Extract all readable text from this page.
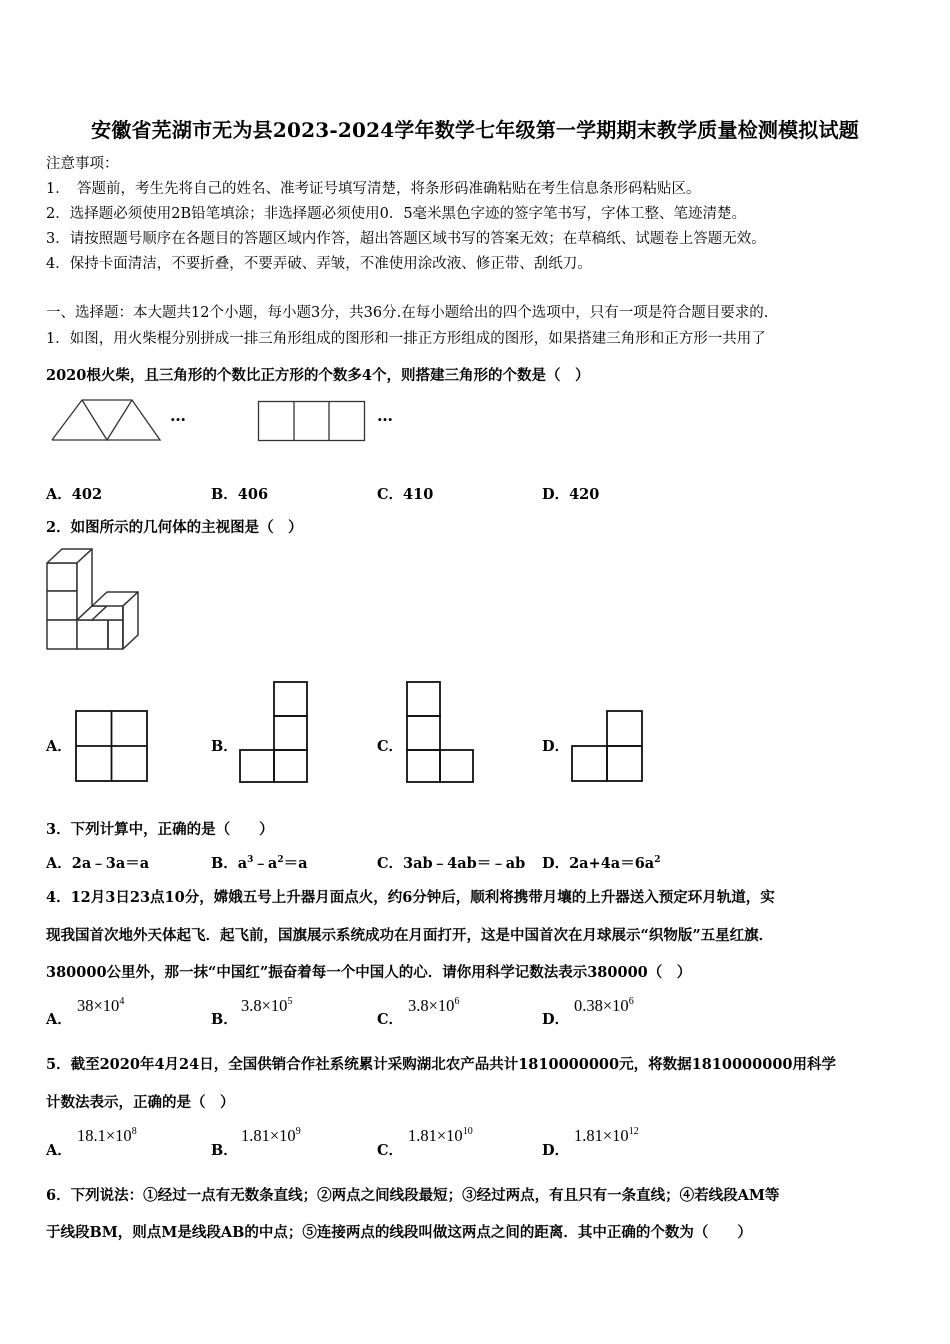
安徽省芜湖市无为县2023-2024学年数学七年级第一学期期末教学质量检测模拟试题
注意事项：
1．　答题前，考生先将自己的姓名、准考证号填写清楚，将条形码准确粘贴在考生信息条形码粘贴区。
2．选择题必须使用2B铅笔填涂；非选择题必须使用0．5毫米黑色字迹的签字笔书写，字体工整、笔迹清楚。
3．请按照题号顺序在各题目的答题区域内作答，超出答题区域书写的答案无效；在草稿纸、试题卷上答题无效。
4．保持卡面清洁，不要折叠，不要弄破、弄皱，不准使用涂改液、修正带、刮纸刀。
一、选择题：本大题共12个小题，每小题3分，共36分.在每小题给出的四个选项中，只有一项是符合题目要求的.
1．如图，用火柴棍分别拼成一排三角形组成的图形和一排正方形组成的图形，如果搭建三角形和正方形一共用了
2020根火柴，且三角形的个数比正方形的个数多4个，则搭建三角形的个数是（　）
…	…
A．402	B．406	C．410	D．420
2．如图所示的几何体的主视图是（　）
A．	B．	C．	D．
3．下列计算中，正确的是（　　）
A．2a﹣3a＝a	B．$a^3﹣a^2=a$	C．3ab﹣4ab＝﹣ab D．$2a+4a=6a^2$
4．12月3日23点10分，嫦娥五号上升器月面点火，约6分钟后，顺利将携带月壤的上升器送入预定环月轨道，实
现我国首次地外天体起飞．起飞前，国旗展示系统成功在月面打开，这是中国首次在月球展示“织物版”五星红旗．
380000公里外，那一抹“中国红”振奋着每一个中国人的心．请你用科学记数法表示380000（　）
A．
$38\times 10^4$
B．
$3.8\times 10^5$
C．
$3.8\times 10^6$
D．
$0.38\times 10^6$
5．截至2020年4月24日，全国供销合作社系统累计采购湖北农产品共计1810000000元，将数据1810000000用科学
计数法表示，正确的是（　）
A．
$18.1\times 10^8$
B．
$1.81\times 10^9$
C．
$1.81\times 10^{10}$
D．
$1.81\times 10^{12}$
6．下列说法：①经过一点有无数条直线；②两点之间线段最短；③经过两点，有且只有一条直线；④若线段AM等
于线段BM，则点M是线段AB的中点；⑤连接两点的线段叫做这两点之间的距离．其中正确的个数为（　　）
